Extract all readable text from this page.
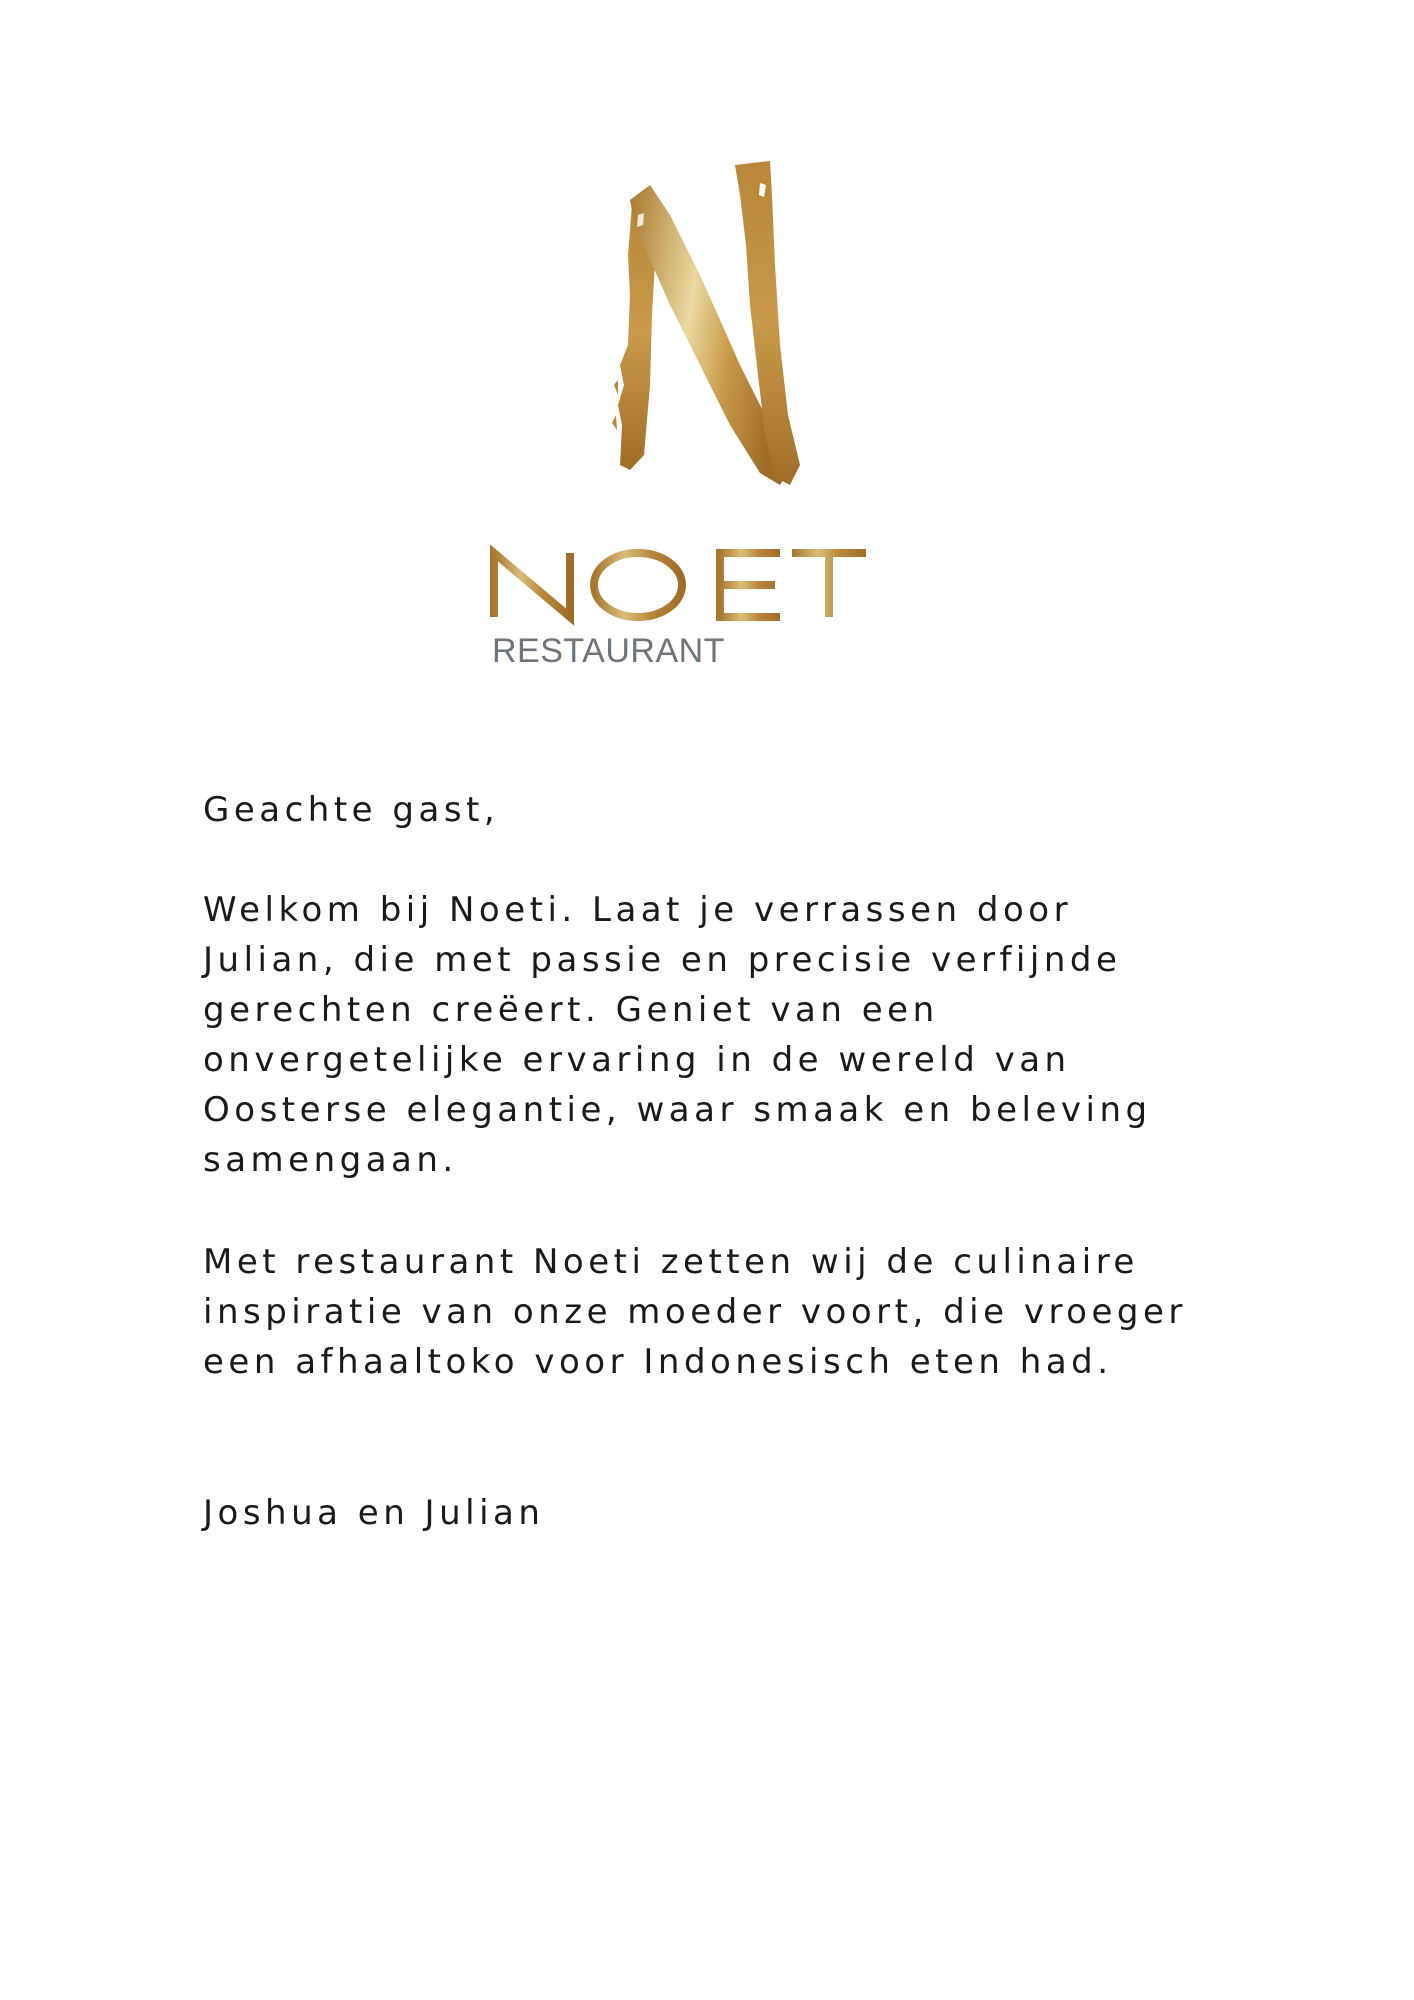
RESTAURANT

Geachte gast,

Welkom bij Noeti. Laat je verrassen door
Julian, die met passie en precisie verfijnde
gerechten creëert. Geniet van een
onvergetelijke ervaring in de wereld van
Oosterse elegantie, waar smaak en beleving
samengaan.

Met restaurant Noeti zetten wij de culinaire
inspiratie van onze moeder voort, die vroeger
een afhaaltoko voor Indonesisch eten had.

Joshua en Julian
